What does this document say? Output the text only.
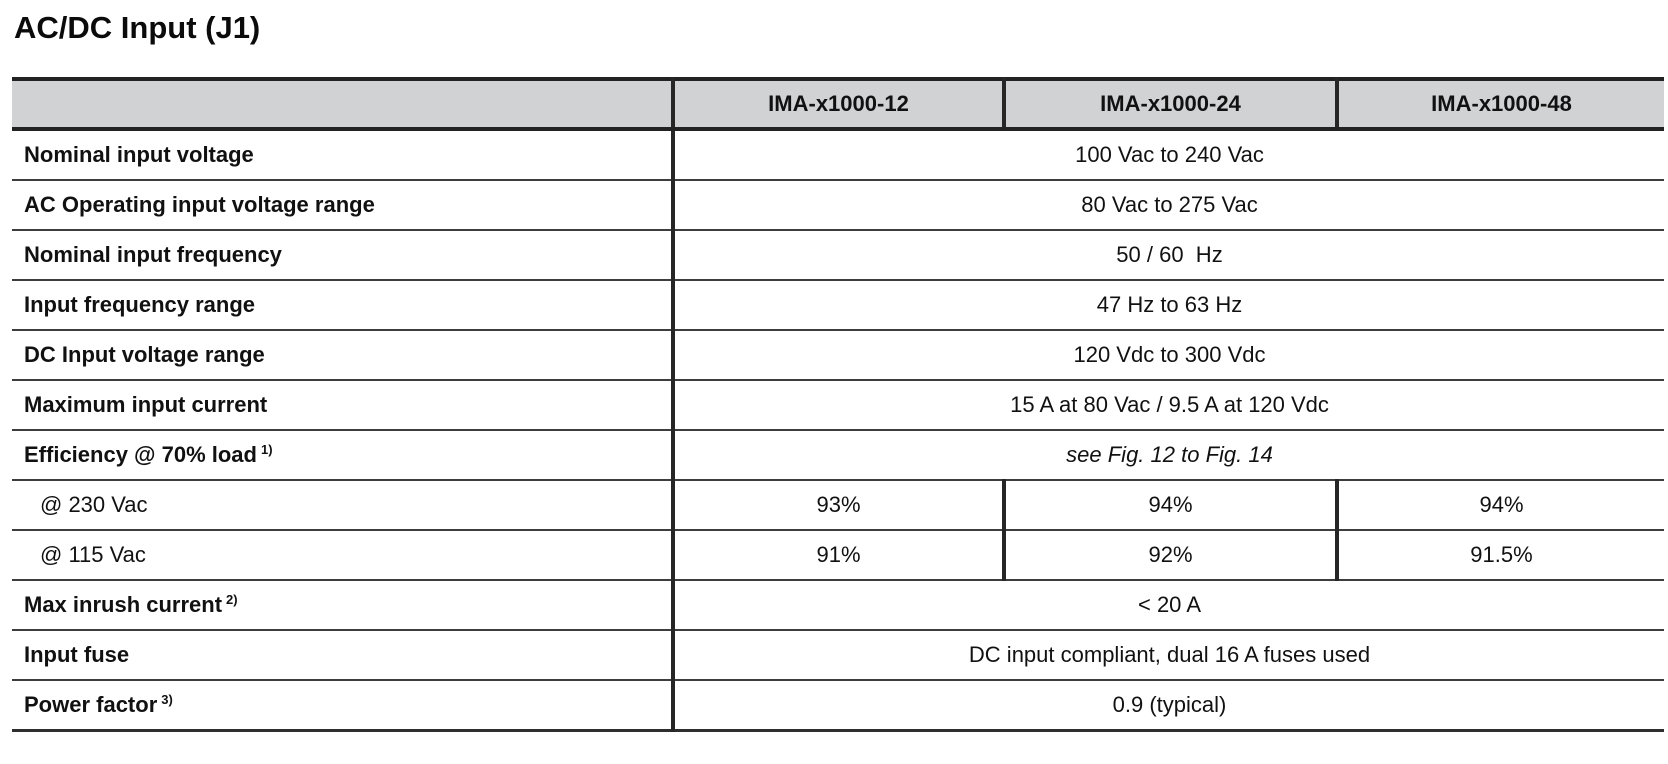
AC/DC Input (J1)
	IMA-x1000-12	IMA-x1000-24	IMA-x1000-48
Nominal input voltage	100 Vac to 240 Vac		
AC Operating input voltage range	80 Vac to 275 Vac		
Nominal input frequency	50 / 60  Hz		
Input frequency range	47 Hz to 63 Hz		
DC Input voltage range	120 Vdc to 300 Vdc		
Maximum input current	15 A at 80 Vac / 9.5 A at 120 Vdc		
Efficiency @ 70% load $^{1)}$	see Fig. 12 to Fig. 14		
@ 230 Vac	93%	94%	94%
@ 115 Vac	91%	92%	91.5%
Max inrush current $^{2)}$	< 20 A		
Input fuse	DC input compliant, dual 16 A fuses used		
Power factor $^{3)}$	0.9 (typical)		
